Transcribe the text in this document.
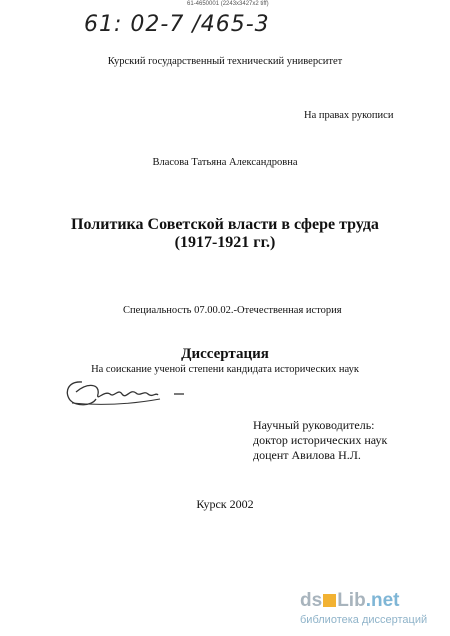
61-4650001 (2243x3427x2 tiff)
61: 02-7 /465-3
Курский государственный технический университет
На правах рукописи
Власова Татьяна Александровна
Политика Советской власти в сфере труда
(1917-1921 гг.)
Специальность 07.00.02.-Отечественная история
Диссертация
На соискание ученой степени кандидата исторических наук
Научный руководитель:
доктор исторических наук
доцент Авилова Н.Л.
Курск 2002
ds Lib.net
библиотека диссертаций
